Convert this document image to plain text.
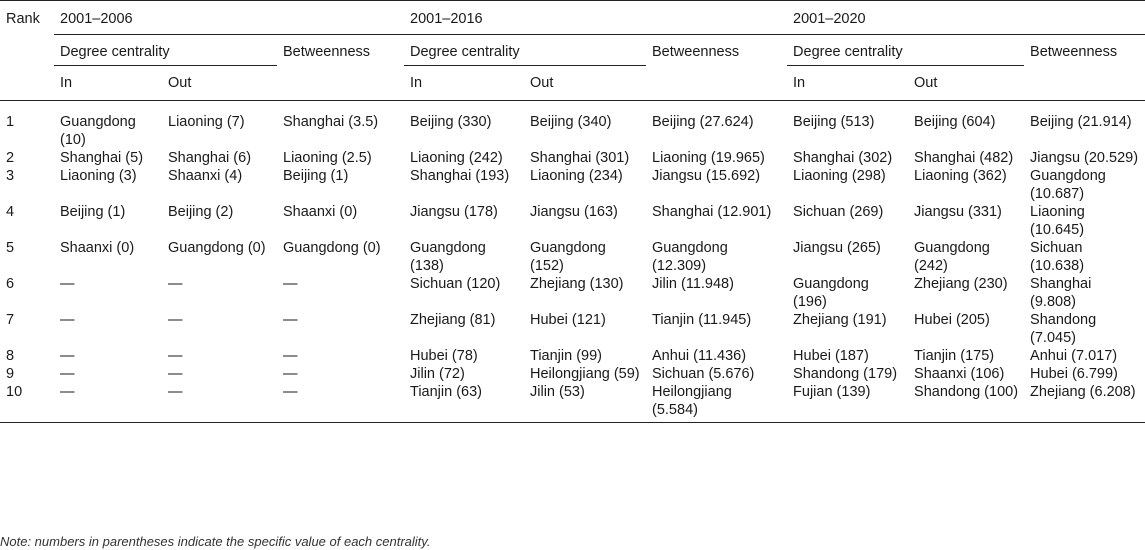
Rank	2001–2006			2001–2016			2001–2020		
	Degree centrality		Betweenness	Degree centrality		Betweenness	Degree centrality		Betweenness
	In	Out		In	Out		In	Out	
1	Guangdong (10)	Liaoning (7)	Shanghai (3.5)	Beijing (330)	Beijing (340)	Beijing (27.624)	Beijing (513)	Beijing (604)	Beijing (21.914)
2	Shanghai (5)	Shanghai (6)	Liaoning (2.5)	Liaoning (242)	Shanghai (301)	Liaoning (19.965)	Shanghai (302)	Shanghai (482)	Jiangsu (20.529)
3	Liaoning (3)	Shaanxi (4)	Beijing (1)	Shanghai (193)	Liaoning (234)	Jiangsu (15.692)	Liaoning (298)	Liaoning (362)	Guangdong (10.687)
4	Beijing (1)	Beijing (2)	Shaanxi (0)	Jiangsu (178)	Jiangsu (163)	Shanghai (12.901)	Sichuan (269)	Jiangsu (331)	Liaoning (10.645)
5	Shaanxi (0)	Guangdong (0)	Guangdong (0)	Guangdong (138)	Guangdong (152)	Guangdong (12.309)	Jiangsu (265)	Guangdong (242)	Sichuan (10.638)
6	—	—	—	Sichuan (120)	Zhejiang (130)	Jilin (11.948)	Guangdong (196)	Zhejiang (230)	Shanghai (9.808)
7	—	—	—	Zhejiang (81)	Hubei (121)	Tianjin (11.945)	Zhejiang (191)	Hubei (205)	Shandong (7.045)
8	—	—	—	Hubei (78)	Tianjin (99)	Anhui (11.436)	Hubei (187)	Tianjin (175)	Anhui (7.017)
9	—	—	—	Jilin (72)	Heilongjiang (59)	Sichuan (5.676)	Shandong (179)	Shaanxi (106)	Hubei (6.799)
10	—	—	—	Tianjin (63)	Jilin (53)	Heilongjiang (5.584)	Fujian (139)	Shandong (100)	Zhejiang (6.208)
Note: numbers in parentheses indicate the specific value of each centrality.
